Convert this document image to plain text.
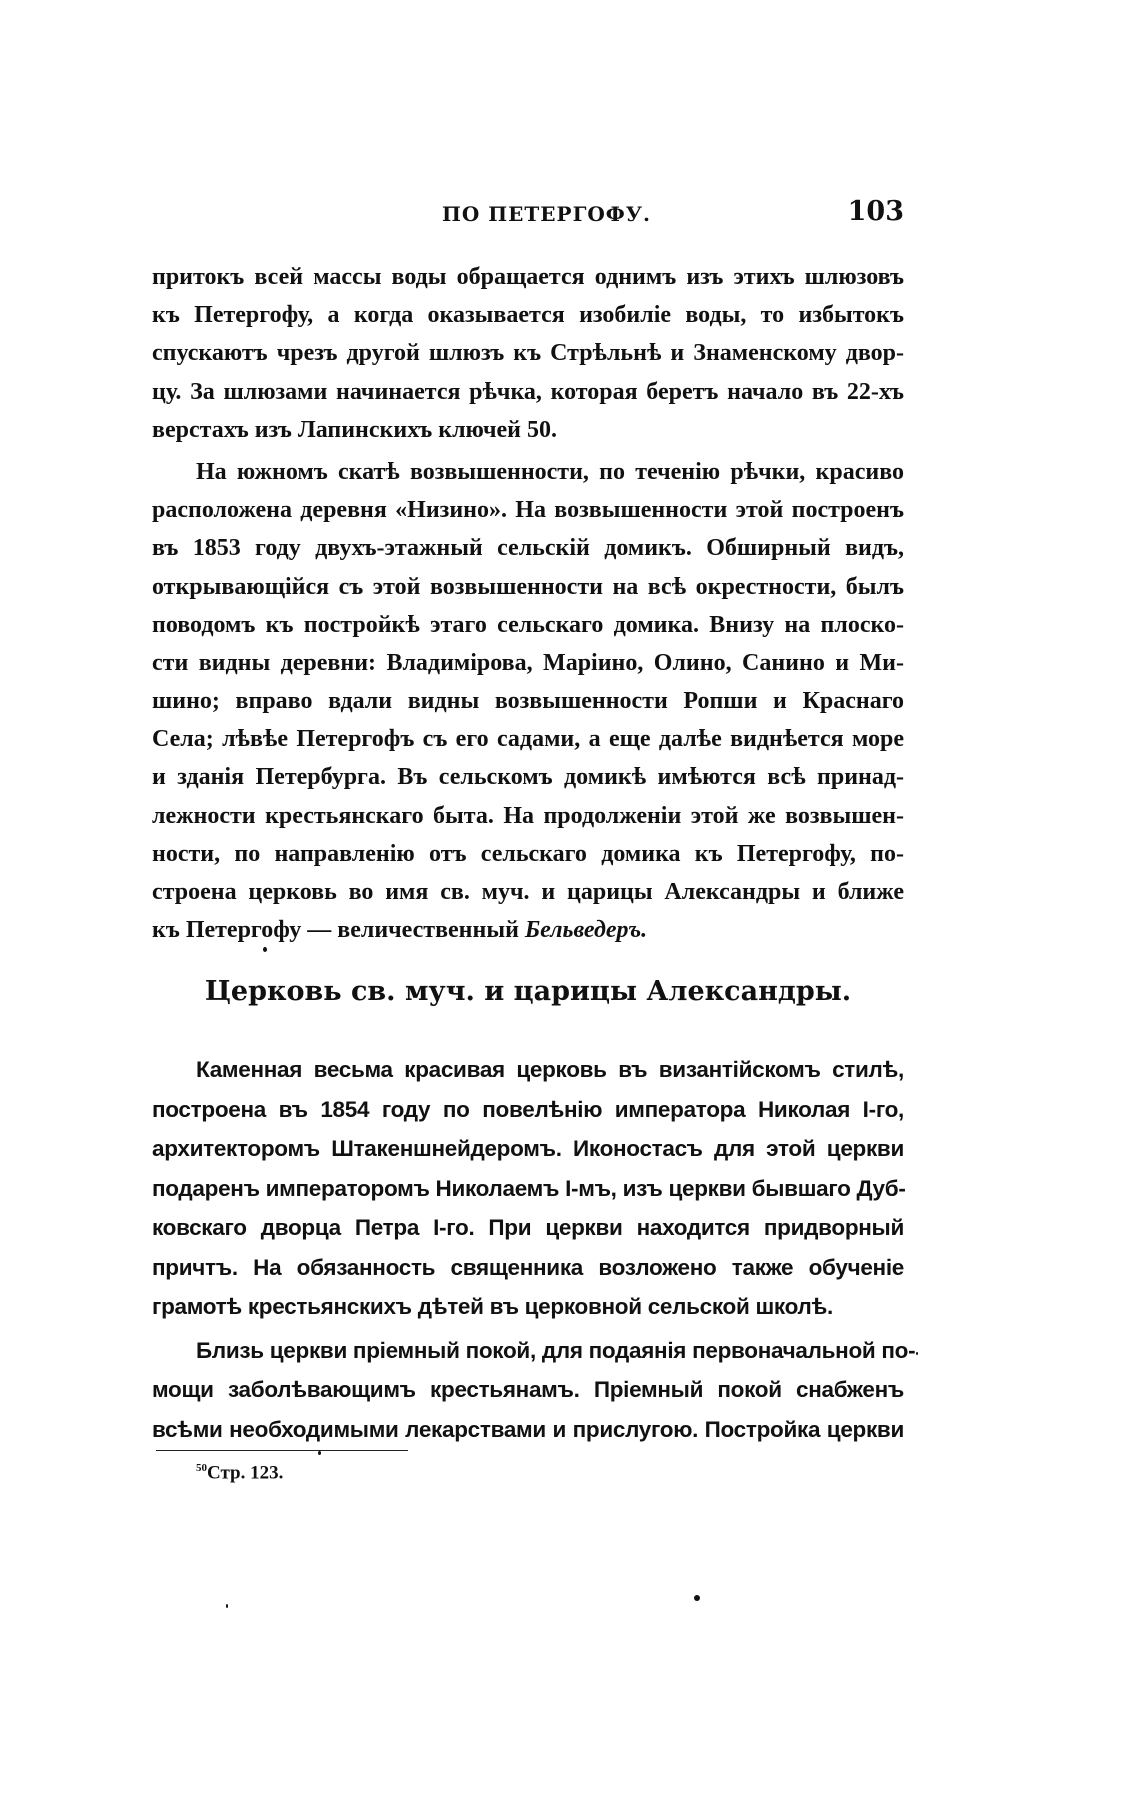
ПО ПЕТЕРГОФУ.	103
притокъ всей массы воды обращается однимъ изъ этихъ шлюзовъ
къ Петергофу, а когда оказывается изобиліе воды, то избытокъ
спускаютъ чрезъ другой шлюзъ къ Стрѣльнѣ и Знаменскому двор-
цу. За шлюзами начинается рѣчка, которая беретъ начало въ 22-хъ
верстахъ изъ Лапинскихъ ключей 50.
На южномъ скатѣ возвышенности, по теченію рѣчки, красиво
расположена деревня «Низино». На возвышенности этой построенъ
въ 1853 году двухъ-этажный сельскій домикъ. Обширный видъ,
открывающійся съ этой возвышенности на всѣ окрестности, былъ
поводомъ къ постройкѣ этаго сельскаго домика. Внизу на плоско-
сти видны деревни: Владимірова, Маріино, Олино, Санино и Ми-
шино; вправо вдали видны возвышенности Ропши и Краснаго
Села; лѣвѣе Петергофъ съ его садами, а еще далѣе виднѣется море
и зданія Петербурга. Въ сельскомъ домикѣ имѣются всѣ принад-
лежности крестьянскаго быта. На продолженіи этой же возвышен-
ности, по направленію отъ сельскаго домика къ Петергофу, по-
строена церковь во имя св. муч. и царицы Александры и ближе
къ Петергофу — величественный Бельведеръ.
Церковь св. муч. и царицы Александры.
Каменная весьма красивая церковь въ византійскомъ стилѣ,
построена въ 1854 году по повелѣнію императора Николая I-го,
архитекторомъ Штакеншнейдеромъ. Иконостасъ для этой церкви
подаренъ императоромъ Николаемъ I-мъ, изъ церкви бывшаго Дуб-
ковскаго дворца Петра I-го. При церкви находится придворный
причтъ. На обязанность священника возложено также обученіе
грамотѣ крестьянскихъ дѣтей въ церковной сельской школѣ.
Близь церкви пріемный покой, для подаянія первоначальной по-
мощи заболѣвающимъ крестьянамъ. Пріемный покой снабженъ
всѣми необходимыми лекарствами и прислугою. Постройка церкви
$^{50}$Стр. 123.
